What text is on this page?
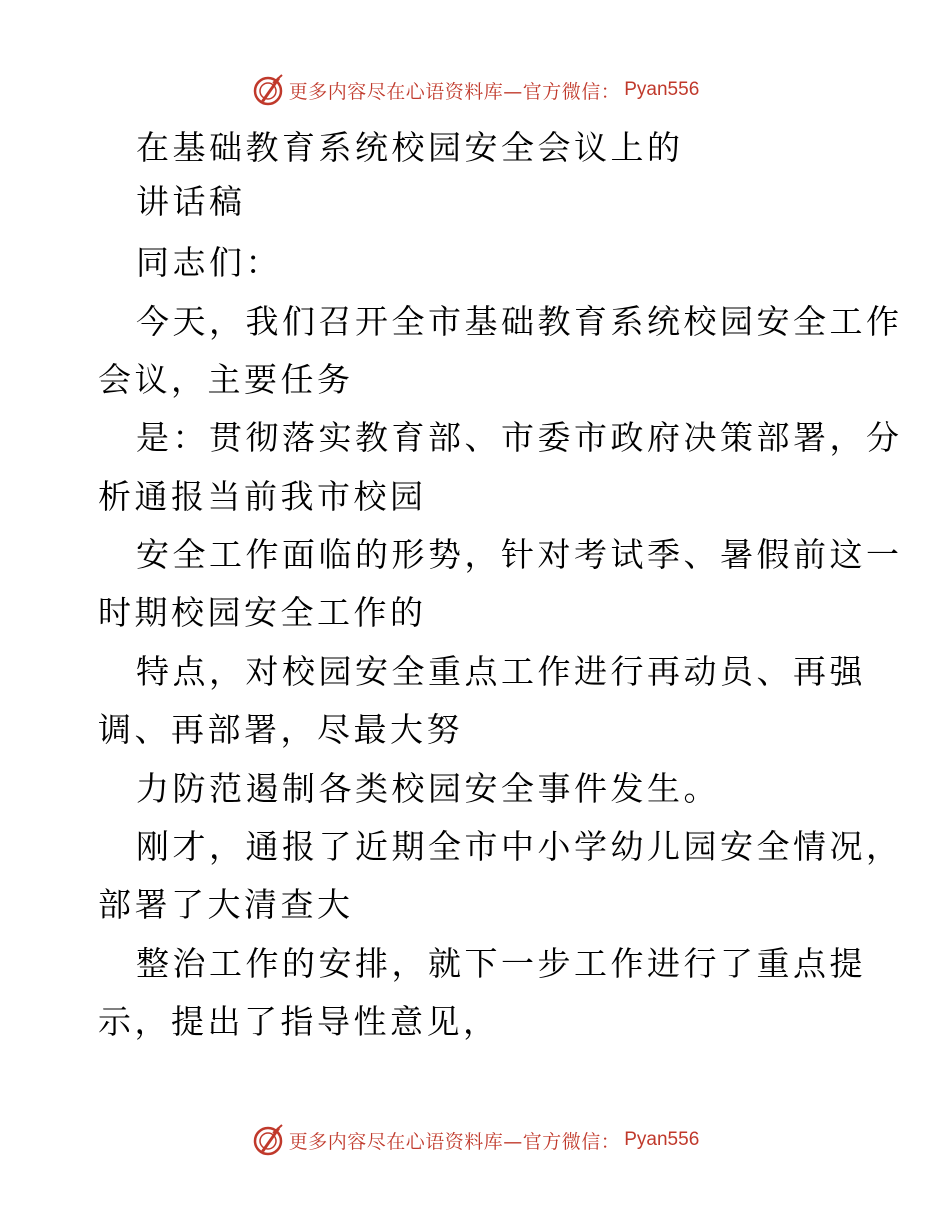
更多内容尽在心语资料库—官方微信： Pyan556
在基础教育系统校园安全会议上的
讲话稿
同志们：
今天，我们召开全市基础教育系统校园安全工作
会议，主要任务
是：贯彻落实教育部、市委市政府决策部署，分
析通报当前我市校园
安全工作面临的形势，针对考试季、暑假前这一
时期校园安全工作的
特点，对校园安全重点工作进行再动员、再强
调、再部署，尽最大努
力防范遏制各类校园安全事件发生。
刚才，通报了近期全市中小学幼儿园安全情况，
部署了大清查大
整治工作的安排，就下一步工作进行了重点提
示，提出了指导性意见，
更多内容尽在心语资料库—官方微信： Pyan556
